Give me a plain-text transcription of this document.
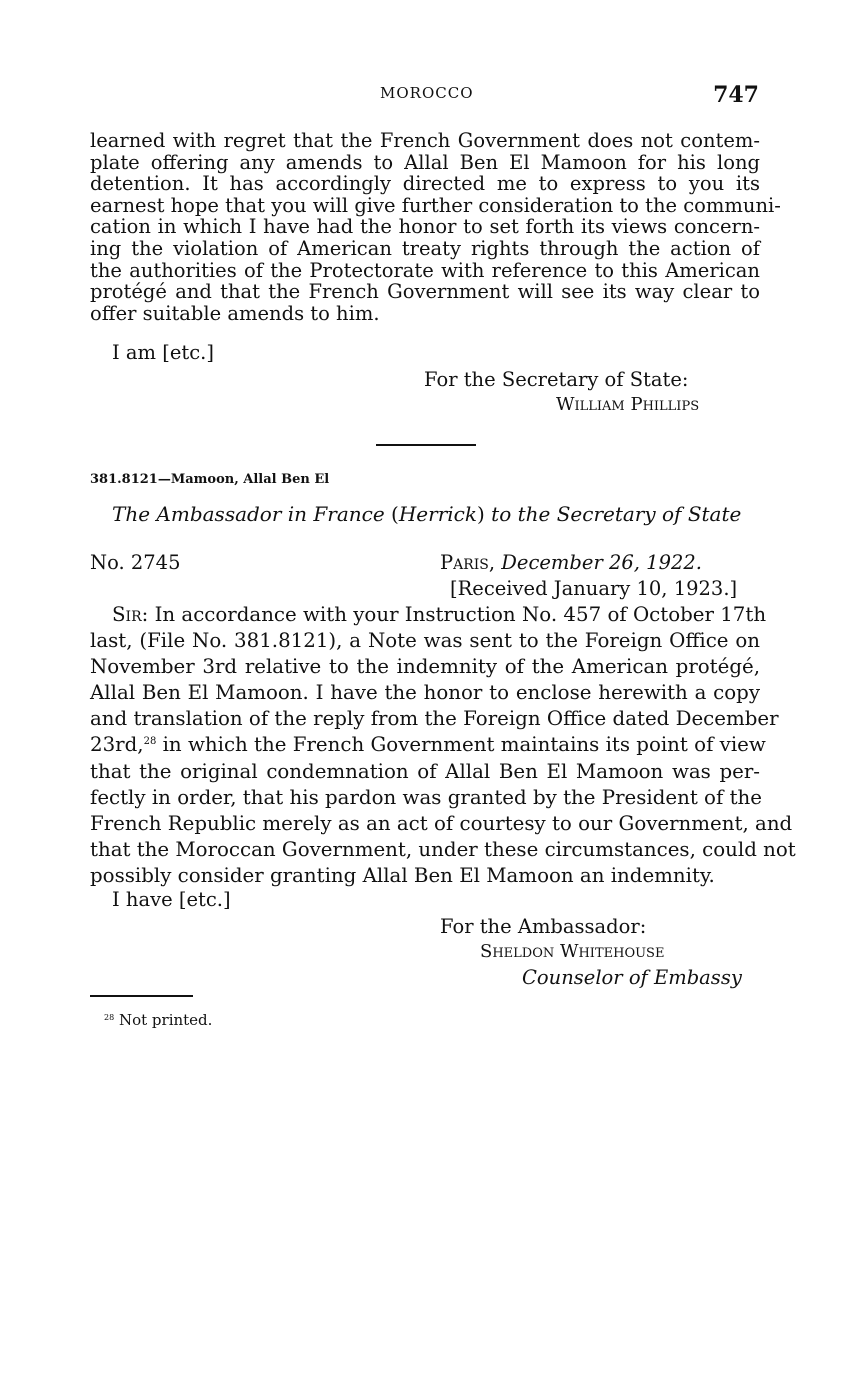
MOROCCO	747
learned with regret that the French Government does not contem-
plate offering any amends to Allal Ben El Mamoon for his long
detention. It has accordingly directed me to express to you its
earnest hope that you will give further consideration to the communi-
cation in which I have had the honor to set forth its views concern-
ing the violation of American treaty rights through the action of
the authorities of the Protectorate with reference to this American
protégé and that the French Government will see its way clear to
offer suitable amends to him.
I am [etc.]
For the Secretary of State:
William Phillips
381.8121—Mamoon, Allal Ben El
The Ambassador in France (Herrick) to the Secretary of State
No. 2745	Paris, December 26, 1922.
[Received January 10, 1923.]
Sir: In accordance with your Instruction No. 457 of October 17th
last, (File No. 381.8121), a Note was sent to the Foreign Office on
November 3rd relative to the indemnity of the American protégé,
Allal Ben El Mamoon. I have the honor to enclose herewith a copy
and translation of the reply from the Foreign Office dated December
23rd,$^{28}$ in which the French Government maintains its point of view
that the original condemnation of Allal Ben El Mamoon was per-
fectly in order, that his pardon was granted by the President of the
French Republic merely as an act of courtesy to our Government, and
that the Moroccan Government, under these circumstances, could not
possibly consider granting Allal Ben El Mamoon an indemnity.
I have [etc.]
For the Ambassador:
Sheldon Whitehouse
Counselor of Embassy
$^{28}$ Not printed.
